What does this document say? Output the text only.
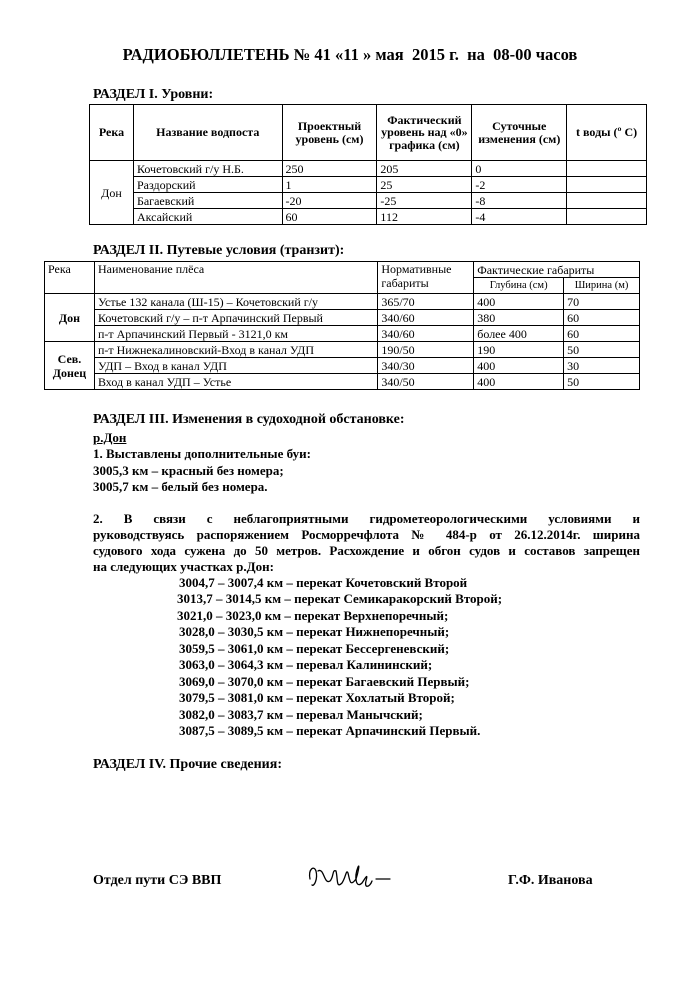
РАДИОБЮЛЛЕТЕНЬ № 41 «11 » мая  2015 г.  на  08-00 часов
РАЗДЕЛ I. Уровни:
Река	Название водпоста	Проектный уровень (см)	Фактический уровень над «0» графика (см)	Суточные изменения (см)	t воды (º С)
Дон	Кочетовский г/у Н.Б.	250	205	0	
	Раздорский	1	25	-2	
	Багаевский	-20	-25	-8	
	Аксайский	60	112	-4	
РАЗДЕЛ II. Путевые условия (транзит):
Река	Наименование плёса	Нормативные габариты	Фактические габариты	
			Глубина (см)	Ширина (м)
Дон	Устье 132 канала (Ш-15) – Кочетовский г/у	365/70	400	70
	Кочетовский г/у – п-т Арпачинский Первый	340/60	380	60
	п-т Арпачинский Первый - 3121,0 км	340/60	более 400	60
Сев. Донец	п-т Нижнекалиновский-Вход в канал УДП	190/50	190	50
	УДП – Вход в канал УДП	340/30	400	30
	Вход в канал УДП – Устье	340/50	400	50
РАЗДЕЛ III. Изменения в судоходной обстановке:
р.Дон
1. Выставлены дополнительные буи:
3005,3 км – красный без номера;
3005,7 км – белый без номера.
2. В связи с неблагоприятными гидрометеорологическими условиями и
руководствуясь распоряжением Росморречфлота № 484-р от 26.12.2014г. ширина
судового хода сужена до 50 метров. Расхождение и обгон судов и составов запрещен
на следующих участках р.Дон:
3004,7 – 3007,4 км – перекат Кочетовский Второй
3013,7 – 3014,5 км – перекат Семикаракорский Второй;
3021,0 – 3023,0 км – перекат Верхнепоречный;
3028,0 – 3030,5 км – перекат Нижнепоречный;
3059,5 – 3061,0 км – перекат Бессергеневский;
3063,0 – 3064,3 км – перевал Калининский;
3069,0 – 3070,0 км – перекат Багаевский Первый;
3079,5 – 3081,0 км – перекат Хохлатый Второй;
3082,0 – 3083,7 км – перевал Манычский;
3087,5 – 3089,5 км – перекат Арпачинский Первый.
РАЗДЕЛ IV. Прочие сведения:
Отдел пути СЭ ВВП	Г.Ф. Иванова
